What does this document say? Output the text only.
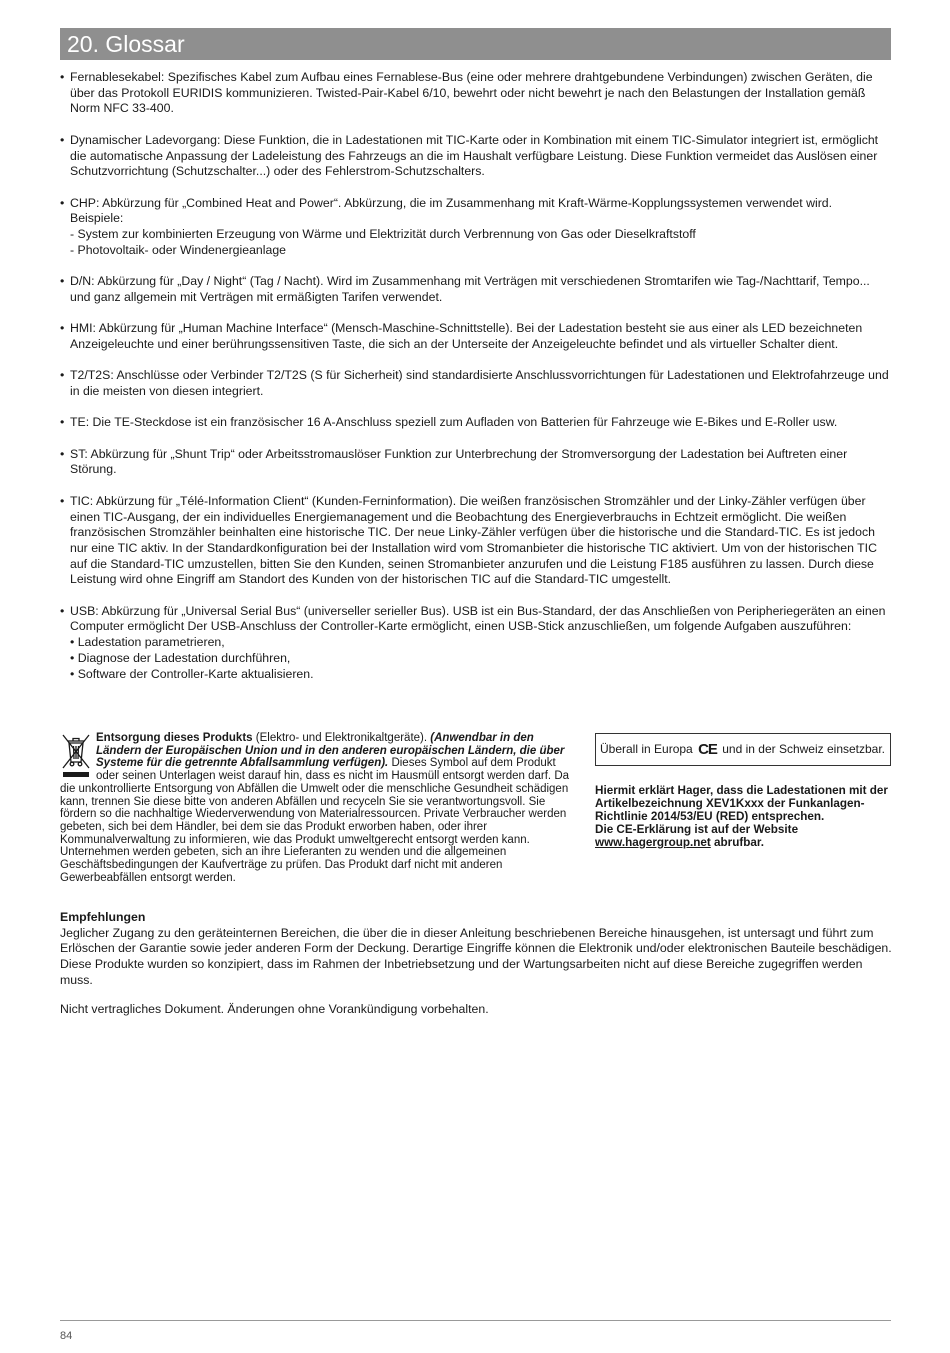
20. Glossar
• Fernablesekabel: Spezifisches Kabel zum Aufbau eines Fernablese-Bus (eine oder mehrere drahtgebundene Verbindungen) zwischen Geräten, die über das Protokoll EURIDIS kommunizieren. Twisted-Pair-Kabel 6/10, bewehrt oder nicht bewehrt je nach den Belastungen der Installation gemäß Norm NFC 33-400.
• Dynamischer Ladevorgang: Diese Funktion, die in Ladestationen mit TIC-Karte oder in Kombination mit einem TIC-Simulator integriert ist, ermöglicht die automatische Anpassung der Ladeleistung des Fahrzeugs an die im Haushalt verfügbare Leistung. Diese Funktion vermeidet das Auslösen einer Schutzvorrichtung (Schutzschalter...) oder des Fehlerstrom-Schutzschalters.
• CHP: Abkürzung für „Combined Heat and Power“. Abkürzung, die im Zusammenhang mit Kraft-Wärme-Kopplungssystemen verwendet wird.
Beispiele:
- System zur kombinierten Erzeugung von Wärme und Elektrizität durch Verbrennung von Gas oder Dieselkraftstoff
- Photovoltaik- oder Windenergieanlage
• D/N: Abkürzung für „Day / Night“ (Tag / Nacht). Wird im Zusammenhang mit Verträgen mit verschiedenen Stromtarifen wie Tag-/Nachttarif, Tempo... und ganz allgemein mit Verträgen mit ermäßigten Tarifen verwendet.
• HMI: Abkürzung für „Human Machine Interface“ (Mensch-Maschine-Schnittstelle). Bei der Ladestation besteht sie aus einer als LED bezeichneten Anzeigeleuchte und einer berührungssensitiven Taste, die sich an der Unterseite der Anzeigeleuchte befindet und als virtueller Schalter dient.
• T2/T2S: Anschlüsse oder Verbinder T2/T2S (S für Sicherheit) sind standardisierte Anschlussvorrichtungen für Ladestationen und Elektrofahrzeuge und in die meisten von diesen integriert.
• TE: Die TE-Steckdose ist ein französischer 16 A-Anschluss speziell zum Aufladen von Batterien für Fahrzeuge wie E-Bikes und E-Roller usw.
• ST: Abkürzung für „Shunt Trip“ oder Arbeitsstromauslöser Funktion zur Unterbrechung der Stromversorgung der Ladestation bei Auftreten einer Störung.
• TIC: Abkürzung für „Télé-Information Client“ (Kunden-Ferninformation). Die weißen französischen Stromzähler und der Linky-Zähler verfügen über einen TIC-Ausgang, der ein individuelles Energiemanagement und die Beobachtung des Energieverbrauchs in Echtzeit ermöglicht. Die weißen französischen Stromzähler beinhalten eine historische TIC. Der neue Linky-Zähler verfügen über die historische und die Standard-TIC. Es ist jedoch nur eine TIC aktiv. In der Standardkonfiguration bei der Installation wird vom Stromanbieter die historische TIC aktiviert. Um von der historischen TIC auf die Standard-TIC umzustellen, bitten Sie den Kunden, seinen Stromanbieter anzurufen und die Leistung F185 ausführen zu lassen. Durch diese Leistung wird ohne Eingriff am Standort des Kunden von der historischen TIC auf die Standard-TIC umgestellt.
• USB: Abkürzung für „Universal Serial Bus“ (universeller serieller Bus). USB ist ein Bus-Standard, der das Anschließen von Peripheriegeräten an einen Computer ermöglicht Der USB-Anschluss der Controller-Karte ermöglicht, einen USB-Stick anzuschließen, um folgende Aufgaben auszuführen:
• Ladestation parametrieren,
• Diagnose der Ladestation durchführen,
• Software der Controller-Karte aktualisieren.
Entsorgung dieses Produkts (Elektro- und Elektronikaltgeräte). (Anwendbar in den Ländern der Europäischen Union und in den anderen europäischen Ländern, die über Systeme für die getrennte Abfallsammlung verfügen). Dieses Symbol auf dem Produkt oder seinen Unterlagen weist darauf hin, dass es nicht im Hausmüll entsorgt werden darf. Da die unkontrollierte Entsorgung von Abfällen die Umwelt oder die menschliche Gesundheit schädigen kann, trennen Sie diese bitte von anderen Abfällen und recyceln Sie sie verantwortungsvoll. Sie fördern so die nachhaltige Wiederverwendung von Materialressourcen. Private Verbraucher werden gebeten, sich bei dem Händler, bei dem sie das Produkt erworben haben, oder ihrer Kommunalverwaltung zu informieren, wie das Produkt umweltgerecht entsorgt werden kann. Unternehmen werden gebeten, sich an ihre Lieferanten zu wenden und die allgemeinen Geschäftsbedingungen der Kaufverträge zu prüfen. Das Produkt darf nicht mit anderen Gewerbeabfällen entsorgt werden.
Überall in Europa CE und in der Schweiz einsetzbar.
Hiermit erklärt Hager, dass die Ladestationen mit der Artikelbezeichnung XEV1Kxxx der Funkanlagen-Richtlinie 2014/53/EU (RED) entsprechen.
Die CE-Erklärung ist auf der Website www.hagergroup.net abrufbar.
Empfehlungen

Jeglicher Zugang zu den geräteinternen Bereichen, die über die in dieser Anleitung beschriebenen Bereiche hinausgehen, ist untersagt und führt zum Erlöschen der Garantie sowie jeder anderen Form der Deckung. Derartige Eingriffe können die Elektronik und/oder elektronischen Bauteile beschädigen. Diese Produkte wurden so konzipiert, dass im Rahmen der Inbetriebsetzung und der Wartungsarbeiten nicht auf diese Bereiche zugegriffen werden muss.

Nicht vertragliches Dokument. Änderungen ohne Vorankündigung vorbehalten.
84
